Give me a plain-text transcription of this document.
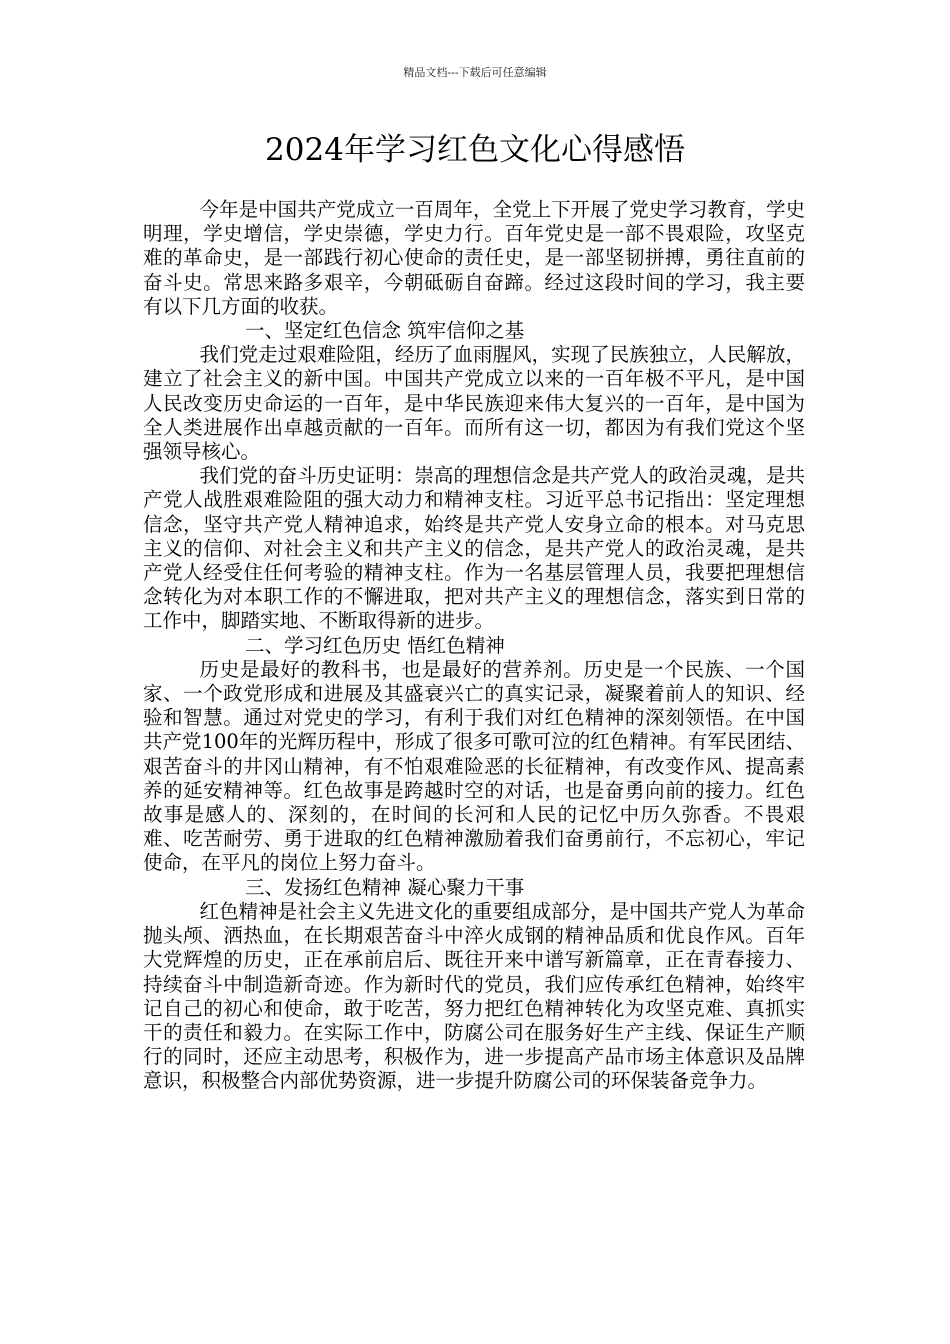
精品文档---下载后可任意编辑
2024年学习红色文化心得感悟

今年是中国共产党成立一百周年，全党上下开展了党史学习教育，学史明理，学史增信，学史崇德，学史力行。百年党史是一部不畏艰险，攻坚克难的革命史，是一部践行初心使命的责任史，是一部坚韧拼搏，勇往直前的奋斗史。常思来路多艰辛，今朝砥砺自奋蹄。经过这段时间的学习，我主要有以下几方面的收获。

一、坚定红色信念 筑牢信仰之基

我们党走过艰难险阻，经历了血雨腥风，实现了民族独立，人民解放，建立了社会主义的新中国。中国共产党成立以来的一百年极不平凡，是中国人民改变历史命运的一百年，是中华民族迎来伟大复兴的一百年，是中国为全人类进展作出卓越贡献的一百年。而所有这一切，都因为有我们党这个坚强领导核心。

我们党的奋斗历史证明：崇高的理想信念是共产党人的政治灵魂，是共产党人战胜艰难险阻的强大动力和精神支柱。习近平总书记指出：坚定理想信念，坚守共产党人精神追求，始终是共产党人安身立命的根本。对马克思主义的信仰、对社会主义和共产主义的信念，是共产党人的政治灵魂，是共产党人经受住任何考验的精神支柱。作为一名基层管理人员，我要把理想信念转化为对本职工作的不懈进取，把对共产主义的理想信念，落实到日常的工作中，脚踏实地、不断取得新的进步。

二、学习红色历史 悟红色精神

历史是最好的教科书，也是最好的营养剂。历史是一个民族、一个国家、一个政党形成和进展及其盛衰兴亡的真实记录，凝聚着前人的知识、经验和智慧。通过对党史的学习，有利于我们对红色精神的深刻领悟。在中国共产党100年的光辉历程中，形成了很多可歌可泣的红色精神。有军民团结、艰苦奋斗的井冈山精神，有不怕艰难险恶的长征精神，有改变作风、提高素养的延安精神等。红色故事是跨越时空的对话，也是奋勇向前的接力。红色故事是感人的、深刻的，在时间的长河和人民的记忆中历久弥香。不畏艰难、吃苦耐劳、勇于进取的红色精神激励着我们奋勇前行，不忘初心，牢记使命，在平凡的岗位上努力奋斗。

三、发扬红色精神 凝心聚力干事

红色精神是社会主义先进文化的重要组成部分，是中国共产党人为革命抛头颅、洒热血，在长期艰苦奋斗中淬火成钢的精神品质和优良作风。百年大党辉煌的历史，正在承前启后、既往开来中谱写新篇章，正在青春接力、持续奋斗中制造新奇迹。作为新时代的党员，我们应传承红色精神，始终牢记自己的初心和使命，敢于吃苦，努力把红色精神转化为攻坚克难、真抓实干的责任和毅力。在实际工作中，防腐公司在服务好生产主线、保证生产顺行的同时，还应主动思考，积极作为，进一步提高产品市场主体意识及品牌意识，积极整合内部优势资源，进一步提升防腐公司的环保装备竞争力。
